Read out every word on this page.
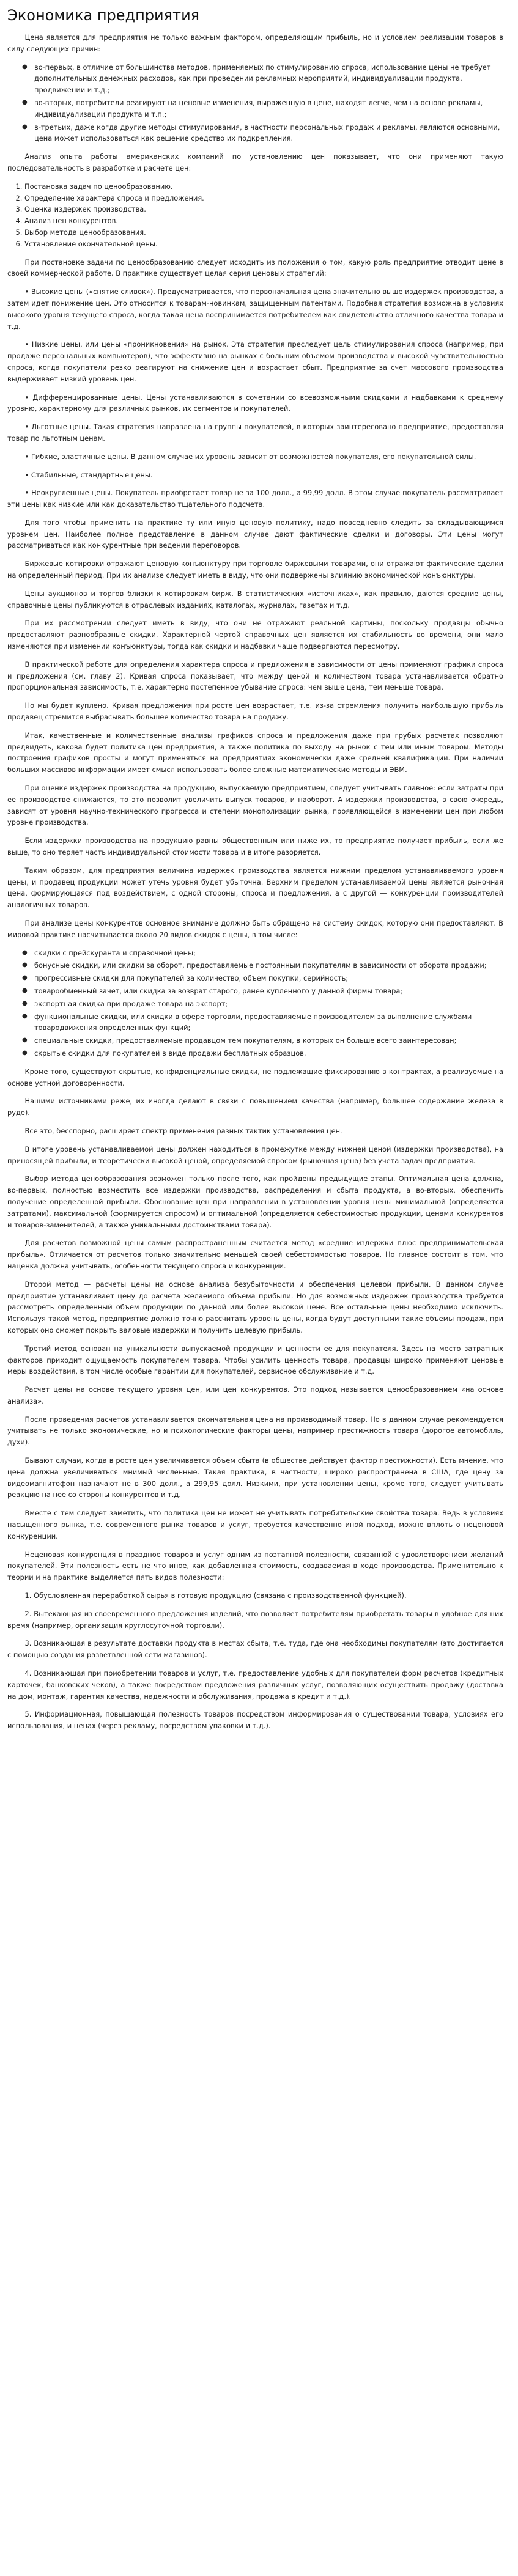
Экономика предприятия

Цена является для предприятия не только важным фактором, определяющим прибыль, но и условием реализации товаров в силу следующих причин:

● во-первых, в отличие от большинства методов, применяемых по стимулированию спроса, использование цены не требует дополнительных денежных расходов, как при проведении рекламных мероприятий, индивидуализации продукта, продвижении и т.д.;
● во-вторых, потребители реагируют на ценовые изменения, выраженную в цене, находят легче, чем на основе рекламы, индивидуализации продукта и т.п.;
● в-третьих, даже когда другие методы стимулирования, в частности персональных продаж и рекламы, являются основными, цена может использоваться как решение средство их подкрепления.

Анализ опыта работы американских компаний по установлению цен показывает, что они применяют такую последовательность в разработке и расчете цен:

1. Постановка задач по ценообразованию.
2. Определение характера спроса и предложения.
3. Оценка издержек производства.
4. Анализ цен конкурентов.
5. Выбор метода ценообразования.
6. Установление окончательной цены.

При постановке задачи по ценообразованию следует исходить из положения о том, какую роль предприятие отводит цене в своей коммерческой работе. В практике существует целая серия ценовых стратегий:

• Высокие цены («снятие сливок»). Предусматривается, что первоначальная цена значительно выше издержек производства, а затем идет понижение цен. Это относится к товарам-новинкам, защищенным патентами. Подобная стратегия возможна в условиях высокого уровня текущего спроса, когда такая цена воспринимается потребителем как свидетельство отличного качества товара и т.д.

• Низкие цены, или цены «проникновения» на рынок. Эта стратегия преследует цель стимулирования спроса (например, при продаже персональных компьютеров), что эффективно на рынках с большим объемом производства и высокой чувствительностью спроса, когда покупатели резко реагируют на снижение цен и возрастает сбыт. Предприятие за счет массового производства выдерживает низкий уровень цен.

• Дифференцированные цены. Цены устанавливаются в сочетании со всевозможными скидками и надбавками к среднему уровню, характерному для различных рынков, их сегментов и покупателей.

• Льготные цены. Такая стратегия направлена на группы покупателей, в которых заинтересовано предприятие, предоставляя товар по льготным ценам.

• Гибкие, эластичные цены. В данном случае их уровень зависит от возможностей покупателя, его покупательной силы.

• Стабильные, стандартные цены.

• Неокругленные цены. Покупатель приобретает товар не за 100 долл., а 99,99 долл. В этом случае покупатель рассматривает эти цены как низкие или как доказательство тщательного подсчета.

Для того чтобы применить на практике ту или иную ценовую политику, надо повседневно следить за складывающимся уровнем цен. Наиболее полное представление в данном случае дают фактические сделки и договоры. Эти цены могут рассматриваться как конкурентные при ведении переговоров.

Биржевые котировки отражают ценовую конъюнктуру при торговле биржевыми товарами, они отражают фактические сделки на определенный период. При их анализе следует иметь в виду, что они подвержены влиянию экономической конъюнктуры.

Цены аукционов и торгов близки к котировкам бирж. В статистических «источниках», как правило, даются средние цены, справочные цены публикуются в отраслевых изданиях, каталогах, журналах, газетах и т.д.

При их рассмотрении следует иметь в виду, что они не отражают реальной картины, поскольку продавцы обычно предоставляют разнообразные скидки. Характерной чертой справочных цен является их стабильность во времени, они мало изменяются при изменении конъюнктуры, тогда как скидки и надбавки чаще подвергаются пересмотру.

В практической работе для определения характера спроса и предложения в зависимости от цены применяют графики спроса и предложения (см. главу 2). Кривая спроса показывает, что между ценой и количеством товара устанавливается обратно пропорциональная зависимость, т.е. характерно постепенное убывание спроса: чем выше цена, тем меньше товара.

Но мы будет куплено. Кривая предложения при росте цен возрастает, т.е. из-за стремления получить наибольшую прибыль продавец стремится выбрасывать большее количество товара на продажу.

Итак, качественные и количественные анализы графиков спроса и предложения даже при грубых расчетах позволяют предвидеть, какова будет политика цен предприятия, а также политика по выходу на рынок с тем или иным товаром. Методы построения графиков просты и могут применяться на предприятиях экономически даже средней квалификации. При наличии больших массивов информации имеет смысл использовать более сложные математические методы и ЭВМ.

При оценке издержек производства на продукцию, выпускаемую предприятием, следует учитывать главное: если затраты при ее производстве снижаются, то это позволит увеличить выпуск товаров, и наоборот. А издержки производства, в свою очередь, зависят от уровня научно-технического прогресса и степени монополизации рынка, проявляющейся в изменении цен при любом уровне производства.

Если издержки производства на продукцию равны общественным или ниже их, то предприятие получает прибыль, если же выше, то оно теряет часть индивидуальной стоимости товара и в итоге разоряется.

Таким образом, для предприятия величина издержек производства является нижним пределом устанавливаемого уровня цены, и продавец продукции может утечь уровня будет убыточна. Верхним пределом устанавливаемой цены является рыночная цена, формирующаяся под воздействием, с одной стороны, спроса и предложения, а с другой — конкуренции производителей аналогичных товаров.

При анализе цены конкурентов основное внимание должно быть обращено на систему скидок, которую они предоставляют. В мировой практике насчитывается около 20 видов скидок с цены, в том числе:

● скидки с прейскуранта и справочной цены;
● бонусные скидки, или скидки за оборот, предоставляемые постоянным покупателям в зависимости от оборота продажи;
● прогрессивные скидки для покупателей за количество, объем покупки, серийность;
● товарообменный зачет, или скидка за возврат старого, ранее купленного у данной фирмы товара;
● экспортная скидка при продаже товара на экспорт;
● функциональные скидки, или скидки в сфере торговли, предоставляемые производителем за выполнение службами товародвижения определенных функций;
● специальные скидки, предоставляемые продавцом тем покупателям, в которых он больше всего заинтересован;
● скрытые скидки для покупателей в виде продажи бесплатных образцов.

Кроме того, существуют скрытые, конфиденциальные скидки, не подлежащие фиксированию в контрактах, а реализуемые на основе устной договоренности.

Нашими источниками реже, их иногда делают в связи с повышением качества (например, большее содержание железа в руде).

Все это, бесспорно, расширяет спектр применения разных тактик установления цен.

В итоге уровень устанавливаемой цены должен находиться в промежутке между нижней ценой (издержки производства), на приносящей прибыли, и теоретически высокой ценой, определяемой спросом (рыночная цена) без учета задач предприятия.

Выбор метода ценообразования возможен только после того, как пройдены предыдущие этапы. Оптимальная цена должна, во-первых, полностью возместить все издержки производства, распределения и сбыта продукта, а во-вторых, обеспечить получение определенной прибыли. Обоснование цен при направлении в установлении уровня цены минимальной (определяется затратами), максимальной (формируется спросом) и оптимальной (определяется себестоимостью продукции, ценами конкурентов и товаров-заменителей, а также уникальными достоинствами товара).

Для расчетов возможной цены самым распространенным считается метод «средние издержки плюс предпринимательская прибыль». Отличается от расчетов только значительно меньшей своей себестоимостью товаров. Но главное состоит в том, что наценка должна учитывать, особенности текущего спроса и конкуренции.

Второй метод — расчеты цены на основе анализа безубыточности и обеспечения целевой прибыли. В данном случае предприятие устанавливает цену до расчета желаемого объема прибыли. Но для возможных издержек производства требуется рассмотреть определенный объем продукции по данной или более высокой цене. Все остальные цены необходимо исключить. Используя такой метод, предприятие должно точно рассчитать уровень цены, когда будут доступными такие объемы продаж, при которых оно сможет покрыть валовые издержки и получить целевую прибыль.

Третий метод основан на уникальности выпускаемой продукции и ценности ее для покупателя. Здесь на место затратных факторов приходит ощущаемость покупателем товара. Чтобы усилить ценность товара, продавцы широко применяют ценовые меры воздействия, в том числе особые гарантии для покупателей, сервисное обслуживание и т.д.

Расчет цены на основе текущего уровня цен, или цен конкурентов. Это подход называется ценообразованием «на основе анализа».

После проведения расчетов устанавливается окончательная цена на производимый товар. Но в данном случае рекомендуется учитывать не только экономические, но и психологические факторы цены, например престижность товара (дорогое автомобиль, духи).

Бывают случаи, когда в росте цен увеличивается объем сбыта (в обществе действует фактор престижности). Есть мнение, что цена должна увеличиваться мнимый численные. Такая практика, в частности, широко распространена в США, где цену за видеомагнитофон назначают не в 300 долл., а 299,95 долл. Низкими, при установлении цены, кроме того, следует учитывать реакцию на нее со стороны конкурентов и т.д.

Вместе с тем следует заметить, что политика цен не может не учитывать потребительские свойства товара. Ведь в условиях насыщенного рынка, т.е. современного рынка товаров и услуг, требуется качественно иной подход, можно вплоть о неценовой конкуренции.

Неценовая конкуренция в праздное товаров и услуг одним из поэтапной полезности, связанной с удовлетворением желаний покупателей. Эти полезность есть не что иное, как добавленная стоимость, создаваемая в ходе производства. Применительно к теории и на практике выделяется пять видов полезности:

1. Обусловленная переработкой сырья в готовую продукцию (связана с производственной функцией).

2. Вытекающая из своевременного предложения изделий, что позволяет потребителям приобретать товары в удобное для них время (например, организация круглосуточной торговли).

3. Возникающая в результате доставки продукта в местах сбыта, т.е. туда, где она необходимы покупателям (это достигается с помощью создания разветвленной сети магазинов).

4. Возникающая при приобретении товаров и услуг, т.е. предоставление удобных для покупателей форм расчетов (кредитных карточек, банковских чеков), а также посредством предложения различных услуг, позволяющих осуществить продажу (доставка на дом, монтаж, гарантия качества, надежности и обслуживания, продажа в кредит и т.д.).

5. Информационная, повышающая полезность товаров посредством информирования о существовании товара, условиях его использования, и ценах (через рекламу, посредством упаковки и т.д.).
